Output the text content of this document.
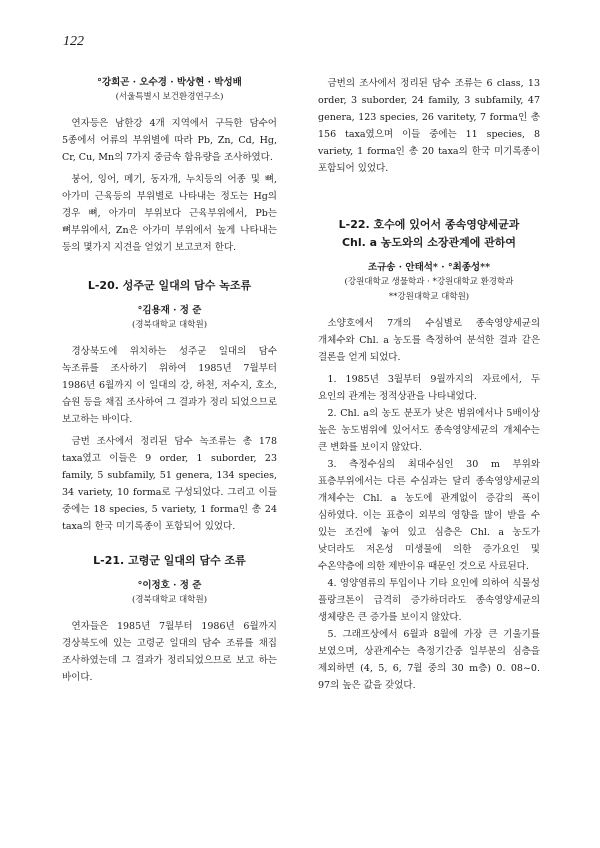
122

°강희곤 · 오수경 · 박상현 · 박성배

(서울특별시 보건환경연구소)

연자등은 남한강 4개 지역에서 구득한 담수어 5종에서 어류의 부위별에 따라 Pb, Zn, Cd, Hg, Cr, Cu, Mn의 7가지 중금속 함유량을 조사하였다.

붕어, 잉어, 메기, 동자개, 누치등의 어종 및 뼈, 아가미 근육등의 부위별로 나타내는 정도는 Hg의 경우 뼈, 아가미 부위보다 근육부위에서, Pb는 뼈부위에서, Zn은 아가미 부위에서 높게 나타내는 등의 몇가지 지견을 얻었기 보고코저 한다.

L-20. 성주군 일대의 담수 녹조류

°김용재 · 정 준

(경북대학교 대학원)

경상북도에 위치하는 성주군 일대의 담수 녹조류를 조사하기 위하여 1985년 7월부터 1986년 6월까지 이 일대의 강, 하천, 저수지, 호소, 습원 등을 채집 조사하여 그 결과가 정리 되었으므로 보고하는 바이다.

금번 조사에서 정리된 담수 녹조류는 총 178 taxa였고 이들은 9 order, 1 suborder, 23 family, 5 subfamily, 51 genera, 134 species, 34 variety, 10 forma로 구성되었다. 그리고 이들 중에는 18 species, 5 variety, 1 forma인 총 24 taxa의 한국 미기록종이 포함되어 있었다.

L-21. 고령군 일대의 담수 조류

°이정호 · 정 준

(경북대학교 대학원)

연자들은 1985년 7월부터 1986년 6월까지 경상북도에 있는 고령군 일대의 담수 조류를 채집 조사하였는데 그 결과가 정리되었으므로 보고 하는 바이다.

금번의 조사에서 정리된 담수 조류는 6 class, 13 order, 3 suborder, 24 family, 3 subfamily, 47 genera, 123 species, 26 varitety, 7 forma인 총 156 taxa였으며 이들 중에는 11 species, 8 variety, 1 forma인 총 20 taxa의 한국 미기록종이 포함되어 있었다.

L-22. 호수에 있어서 종속영양세균과

Chl. a 농도와의 소장관계에 관하여

조규송 · 안태석* · °최종성**

(강원대학교 생물학과 · *강원대학교 환경학과

**강원대학교 대학원)

소양호에서 7개의 수심별로 종속영양세균의 개체수와 Chl. a 농도를 측정하여 분석한 결과 같은 결론을 얻게 되었다.

1. 1985년 3월부터 9월까지의 자료에서, 두 요인의 관계는 정적상관을 나타내었다.

2. Chl. a의 농도 분포가 낮은 범위에서나 5배이상 높은 농도범위에 있어서도 종속영양세균의 개체수는 큰 변화를 보이지 않았다.

3. 측정수심의 최대수심인 30 m 부위와 표층부위에서는 다른 수심과는 달리 종속영양세균의 개체수는 Chl. a 농도에 관계없이 증감의 폭이 심하였다. 이는 표층이 외부의 영향을 많이 받을 수 있는 조건에 놓여 있고 심층은 Chl. a 농도가 낮더라도 저온성 미생물에 의한 증가요인 및 수온약층에 의한 제반이유 때문인 것으로 사료된다.

4. 영양염류의 투입이나 기타 요인에 의하여 식물성 플랑크톤이 급격히 증가하더라도 종속영양세균의 생체량은 큰 증가를 보이지 않았다.

5. 그래프상에서 6월과 8월에 가장 큰 기울기를 보였으며, 상관계수는 측정기간중 일부분의 심층을 제외하면 (4, 5, 6, 7월 중의 30 m층) 0. 08~0. 97의 높은 값을 갖었다.
